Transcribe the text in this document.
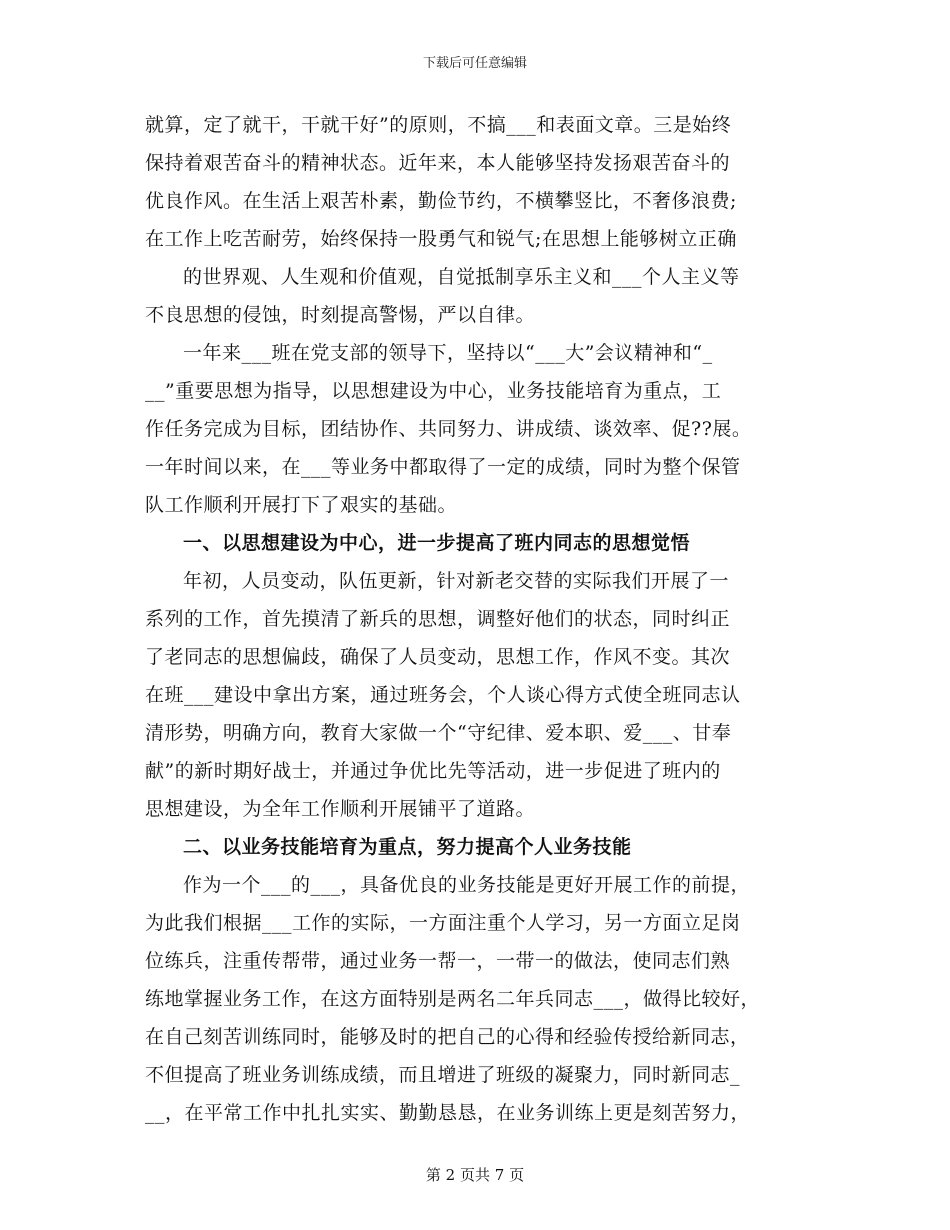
下载后可任意编辑
就算，定了就干，干就干好”的原则，不搞___和表面文章。三是始终
保持着艰苦奋斗的精神状态。近年来，本人能够坚持发扬艰苦奋斗的
优良作风。在生活上艰苦朴素，勤俭节约，不横攀竖比，不奢侈浪费;
在工作上吃苦耐劳，始终保持一股勇气和锐气;在思想上能够树立正确
的世界观、人生观和价值观，自觉抵制享乐主义和___个人主义等
不良思想的侵蚀，时刻提高警惕，严以自律。
一年来___班在党支部的领导下，坚持以“___大”会议精神和“_
__”重要思想为指导，以思想建设为中心，业务技能培育为重点，工
作任务完成为目标，团结协作、共同努力、讲成绩、谈效率、促??展。
一年时间以来，在___等业务中都取得了一定的成绩，同时为整个保管
队工作顺利开展打下了艰实的基础。
一、以思想建设为中心，进一步提高了班内同志的思想觉悟
年初，人员变动，队伍更新，针对新老交替的实际我们开展了一
系列的工作，首先摸清了新兵的思想，调整好他们的状态，同时纠正
了老同志的思想偏歧，确保了人员变动，思想工作，作风不变。其次
在班___建设中拿出方案，通过班务会，个人谈心得方式使全班同志认
清形势，明确方向，教育大家做一个“守纪律、爱本职、爱___、甘奉
献”的新时期好战士，并通过争优比先等活动，进一步促进了班内的
思想建设，为全年工作顺利开展铺平了道路。
二、以业务技能培育为重点，努力提高个人业务技能
作为一个___的___，具备优良的业务技能是更好开展工作的前提，
为此我们根据___工作的实际，一方面注重个人学习，另一方面立足岗
位练兵，注重传帮带，通过业务一帮一，一带一的做法，使同志们熟
练地掌握业务工作，在这方面特别是两名二年兵同志___，做得比较好，
在自己刻苦训练同时，能够及时的把自己的心得和经验传授给新同志，
不但提高了班业务训练成绩，而且增进了班级的凝聚力，同时新同志_
__，在平常工作中扎扎实实、勤勤恳恳，在业务训练上更是刻苦努力，
第 2 页共 7 页
